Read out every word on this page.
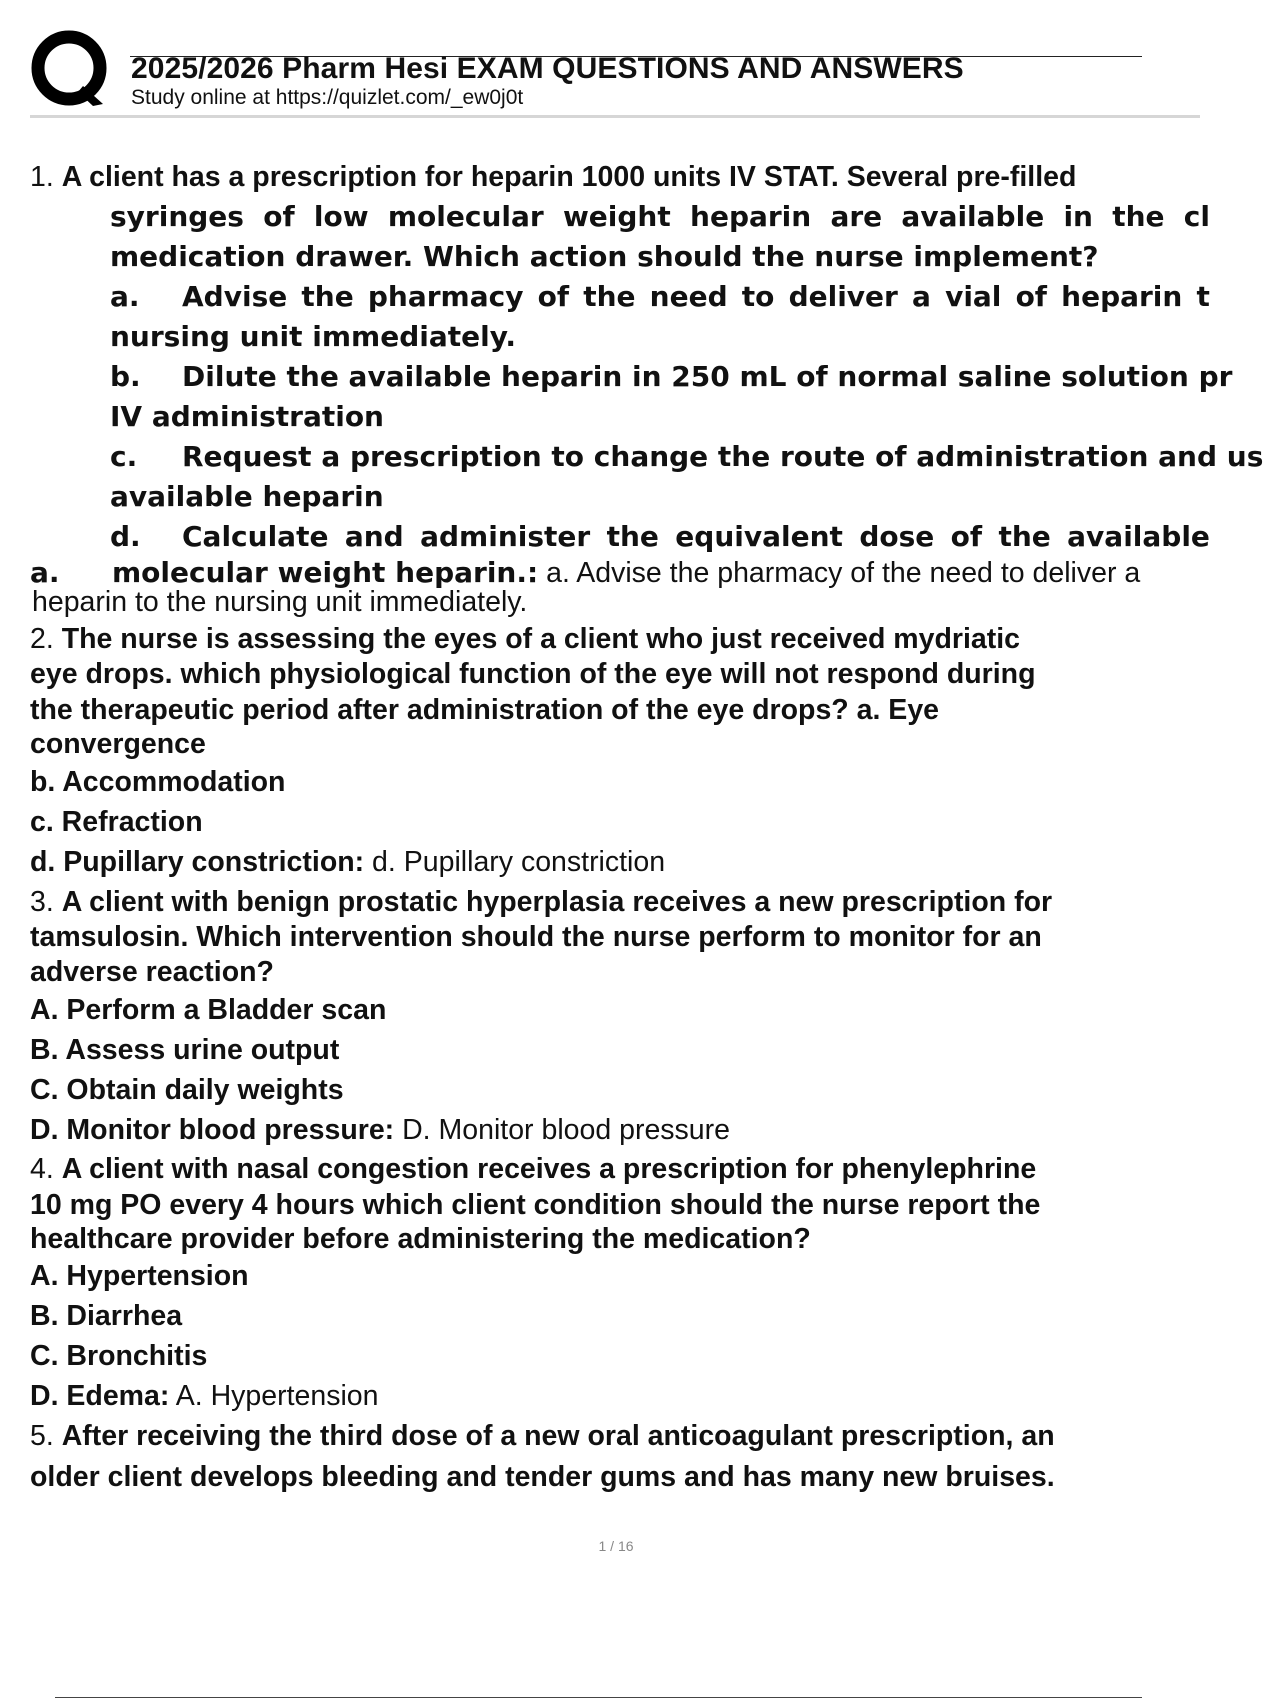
2025/2026 Pharm Hesi EXAM QUESTIONS AND ANSWERS
Study online at https://quizlet.com/_ew0j0t
1. A client has a prescription for heparin 1000 units IV STAT. Several pre-filled
syringes of low molecular weight heparin are available in the cl
medication drawer. Which action should the nurse implement?
a. Advise the pharmacy of the need to deliver a vial of heparin t
nursing unit immediately.
b. Dilute the available heparin in 250 mL of normal saline solution pr
IV administration
c. Request a prescription to change the route of administration and us
available heparin
d. Calculate and administer the equivalent dose of the available
a. molecular weight heparin.: a. Advise the pharmacy of the need to deliver a
heparin to the nursing unit immediately.
2. The nurse is assessing the eyes of a client who just received mydriatic
eye drops. which physiological function of the eye will not respond during
the therapeutic period after administration of the eye drops? a. Eye
convergence
b. Accommodation
c. Refraction
d. Pupillary constriction: d. Pupillary constriction
3. A client with benign prostatic hyperplasia receives a new prescription for
tamsulosin. Which intervention should the nurse perform to monitor for an
adverse reaction?
A. Perform a Bladder scan
B. Assess urine output
C. Obtain daily weights
D. Monitor blood pressure: D. Monitor blood pressure
4. A client with nasal congestion receives a prescription for phenylephrine
10 mg PO every 4 hours which client condition should the nurse report the
healthcare provider before administering the medication?
A. Hypertension
B. Diarrhea
C. Bronchitis
D. Edema: A. Hypertension
5. After receiving the third dose of a new oral anticoagulant prescription, an
older client develops bleeding and tender gums and has many new bruises.
1 / 16
